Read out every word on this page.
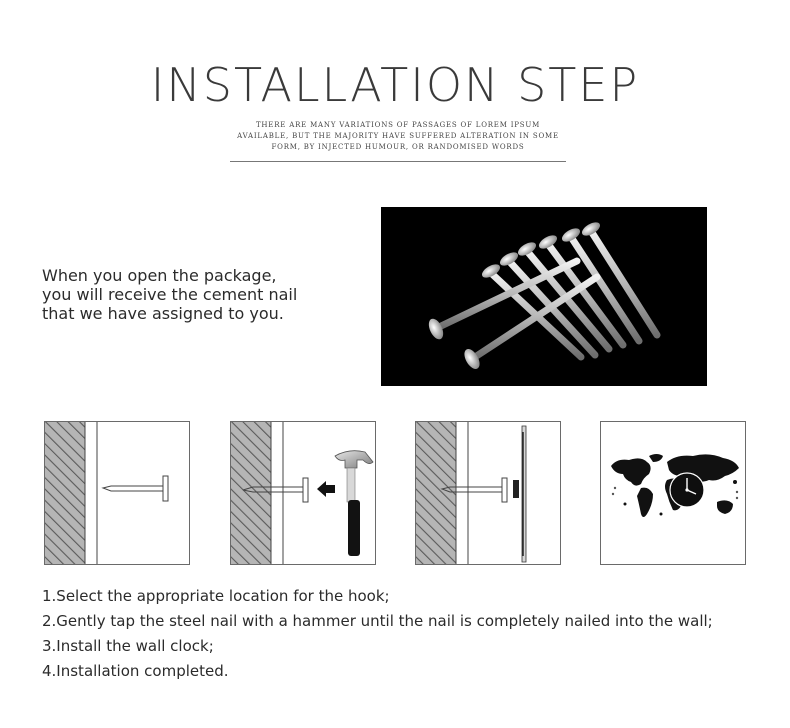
INSTALLATION STEP
THERE ARE MANY VARIATIONS OF PASSAGES OF LOREM IPSUM AVAILABLE, BUT THE MAJORITY HAVE SUFFERED ALTERATION IN SOME FORM, BY INJECTED HUMOUR, OR RANDOMISED WORDS
When you open the package,
you will receive the cement nail
that we have assigned to you.
1.Select the appropriate location for the hook;
2.Gently tap the steel nail with a hammer until the nail is completely nailed into the wall;
3.Install the wall clock;
4.Installation completed.
